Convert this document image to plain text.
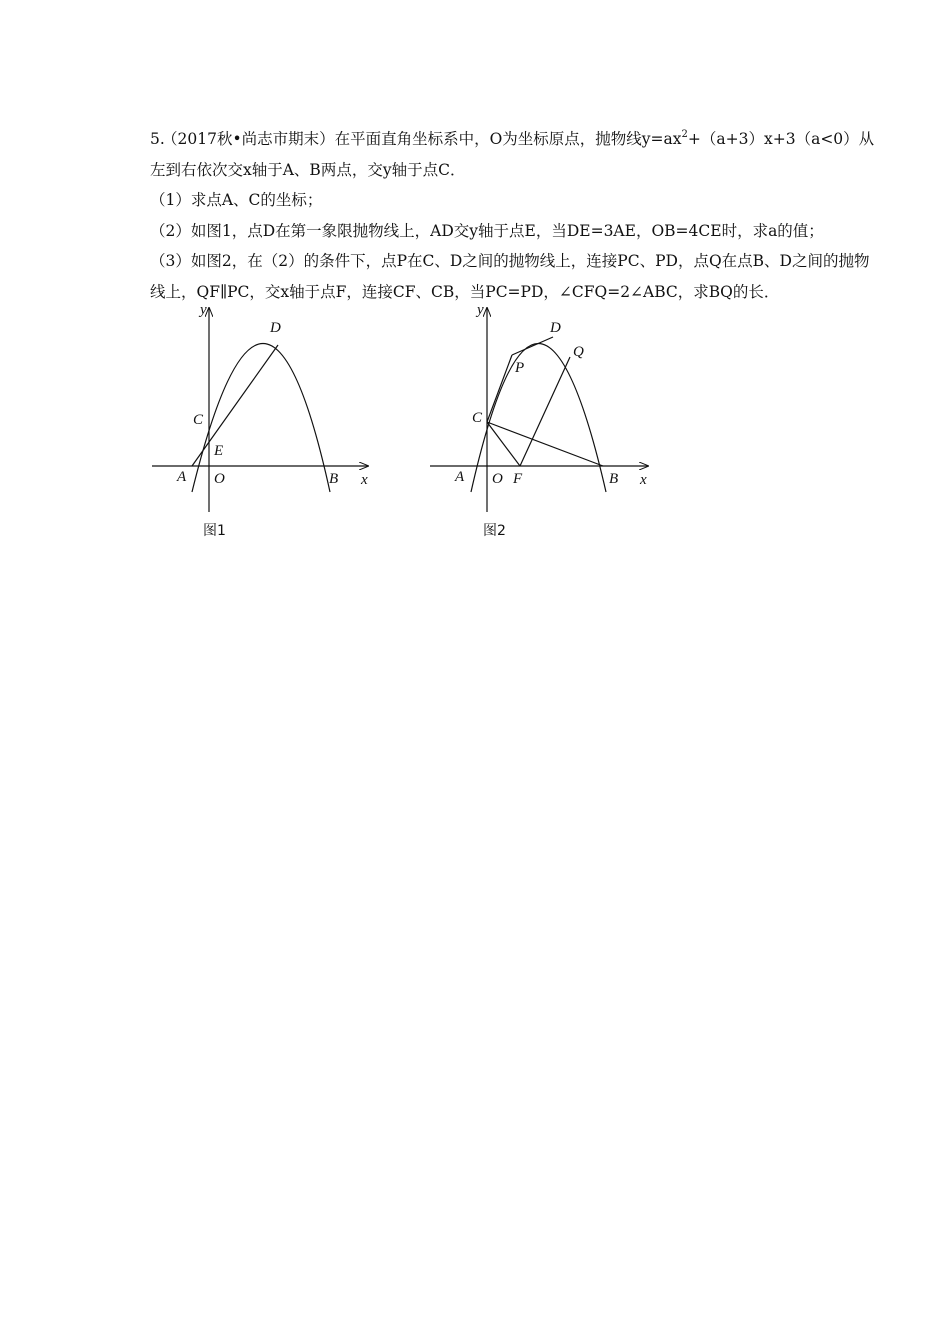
5.（2017秋•尚志市期末）在平面直角坐标系中，O为坐标原点，抛物线$y=ax^2+(a+3)x+3(a<0)$从
左到右依次交x轴于A、B两点，交y轴于点C．
（1）求点A、C的坐标；
（2）如图1，点D在第一象限抛物线上，AD交y轴于点E，当DE=3AE，OB=4CE时，求a的值；
（3）如图2，在（2）的条件下，点P在C、D之间的抛物线上，连接PC、PD，点Q在点B、D之间的抛物
线上，QF∥PC，交x轴于点F，连接CF、CB，当PC=PD，∠CFQ=2∠ABC，求BQ的长．
y
x
D
C
E
A O	B
图1
y
x
D
P
Q
C
A O F	B
图2
